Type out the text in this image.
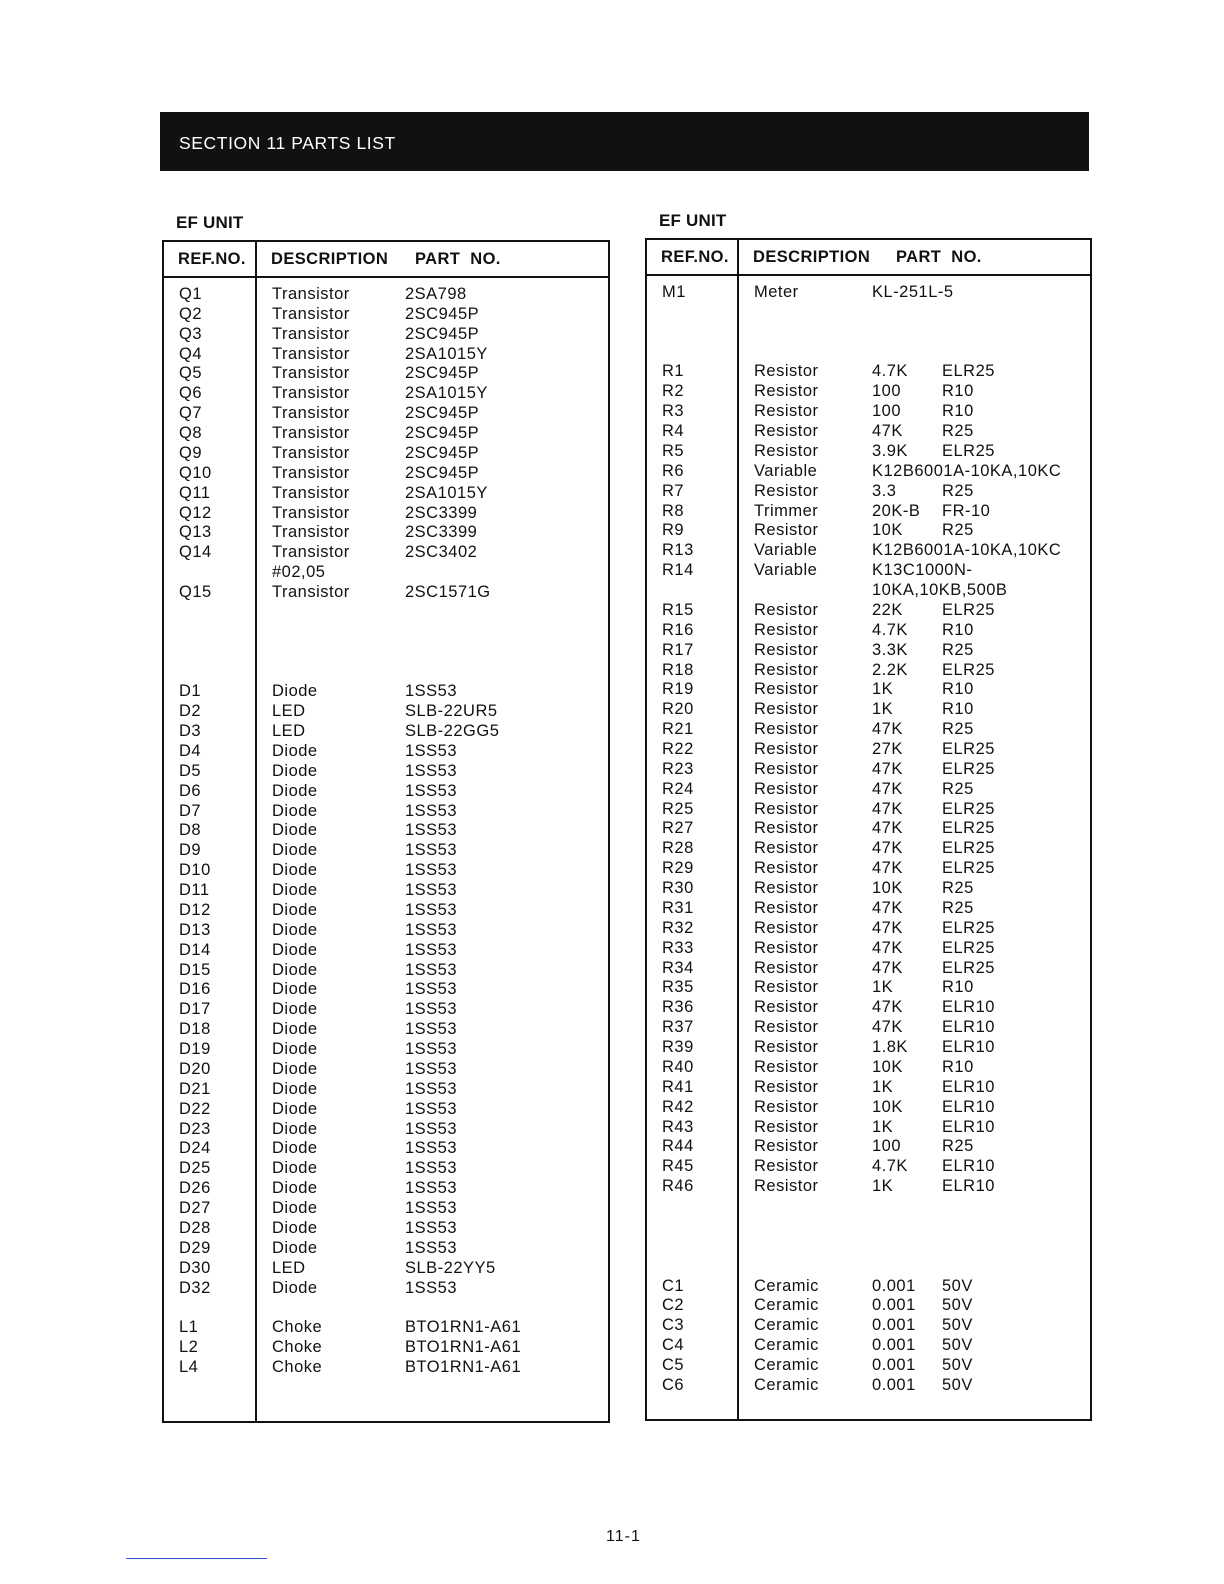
SECTION 11 PARTS LIST
EF UNIT
REF.NO. DESCRIPTION PART  NO.
Q1	Transistor	2SA798
Q2	Transistor	2SC945P
Q3	Transistor	2SC945P
Q4	Transistor	2SA1015Y
Q5	Transistor	2SC945P
Q6	Transistor	2SA1015Y
Q7	Transistor	2SC945P
Q8	Transistor	2SC945P
Q9	Transistor	2SC945P
Q10	Transistor	2SC945P
Q11	Transistor	2SA1015Y
Q12	Transistor	2SC3399
Q13	Transistor	2SC3399
Q14	Transistor	2SC3402
#02,05
Q15	Transistor	2SC1571G
D1	Diode	1SS53
D2	LED	SLB-22UR5
D3	LED	SLB-22GG5
D4	Diode	1SS53
D5	Diode	1SS53
D6	Diode	1SS53
D7	Diode	1SS53
D8	Diode	1SS53
D9	Diode	1SS53
D10	Diode	1SS53
D11	Diode	1SS53
D12	Diode	1SS53
D13	Diode	1SS53
D14	Diode	1SS53
D15	Diode	1SS53
D16	Diode	1SS53
D17	Diode	1SS53
D18	Diode	1SS53
D19	Diode	1SS53
D20	Diode	1SS53
D21	Diode	1SS53
D22	Diode	1SS53
D23	Diode	1SS53
D24	Diode	1SS53
D25	Diode	1SS53
D26	Diode	1SS53
D27	Diode	1SS53
D28	Diode	1SS53
D29	Diode	1SS53
D30	LED	SLB-22YY5
D32	Diode	1SS53
L1	Choke	BTO1RN1-A61
L2	Choke	BTO1RN1-A61
L4	Choke	BTO1RN1-A61
EF UNIT
REF.NO. DESCRIPTION PART  NO.
M1	Meter	KL-251L-5
R1	Resistor	4.7K ELR25
R2	Resistor	100 R10
R3	Resistor	100 R10
R4	Resistor	47K R25
R5	Resistor	3.9K ELR25
R6	Variable	K12B6001A-10KA,10KC
R7	Resistor	3.3	R25
R8	Trimmer	20K-B FR-10
R9	Resistor	10K R25
R13	Variable	K12B6001A-10KA,10KC
R14	Variable	K13C1000N-
10KA,10KB,500B
R15	Resistor	22K ELR25
R16	Resistor	4.7K R10
R17	Resistor	3.3K R25
R18	Resistor	2.2K ELR25
R19	Resistor	1K	R10
R20	Resistor	1K	R10
R21	Resistor	47K R25
R22	Resistor	27K ELR25
R23	Resistor	47K ELR25
R24	Resistor	47K R25
R25	Resistor	47K ELR25
R27	Resistor	47K ELR25
R28	Resistor	47K ELR25
R29	Resistor	47K ELR25
R30	Resistor	10K R25
R31	Resistor	47K R25
R32	Resistor	47K ELR25
R33	Resistor	47K ELR25
R34	Resistor	47K ELR25
R35	Resistor	1K	R10
R36	Resistor	47K ELR10
R37	Resistor	47K ELR10
R39	Resistor	1.8K ELR10
R40	Resistor	10K R10
R41	Resistor	1K	ELR10
R42	Resistor	10K ELR10
R43	Resistor	1K	ELR10
R44	Resistor	100 R25
R45	Resistor	4.7K ELR10
R46	Resistor	1K	ELR10
C1	Ceramic	0.001 50V
C2	Ceramic	0.001 50V
C3	Ceramic	0.001 50V
C4	Ceramic	0.001 50V
C5	Ceramic	0.001 50V
C6	Ceramic	0.001 50V
11-1
